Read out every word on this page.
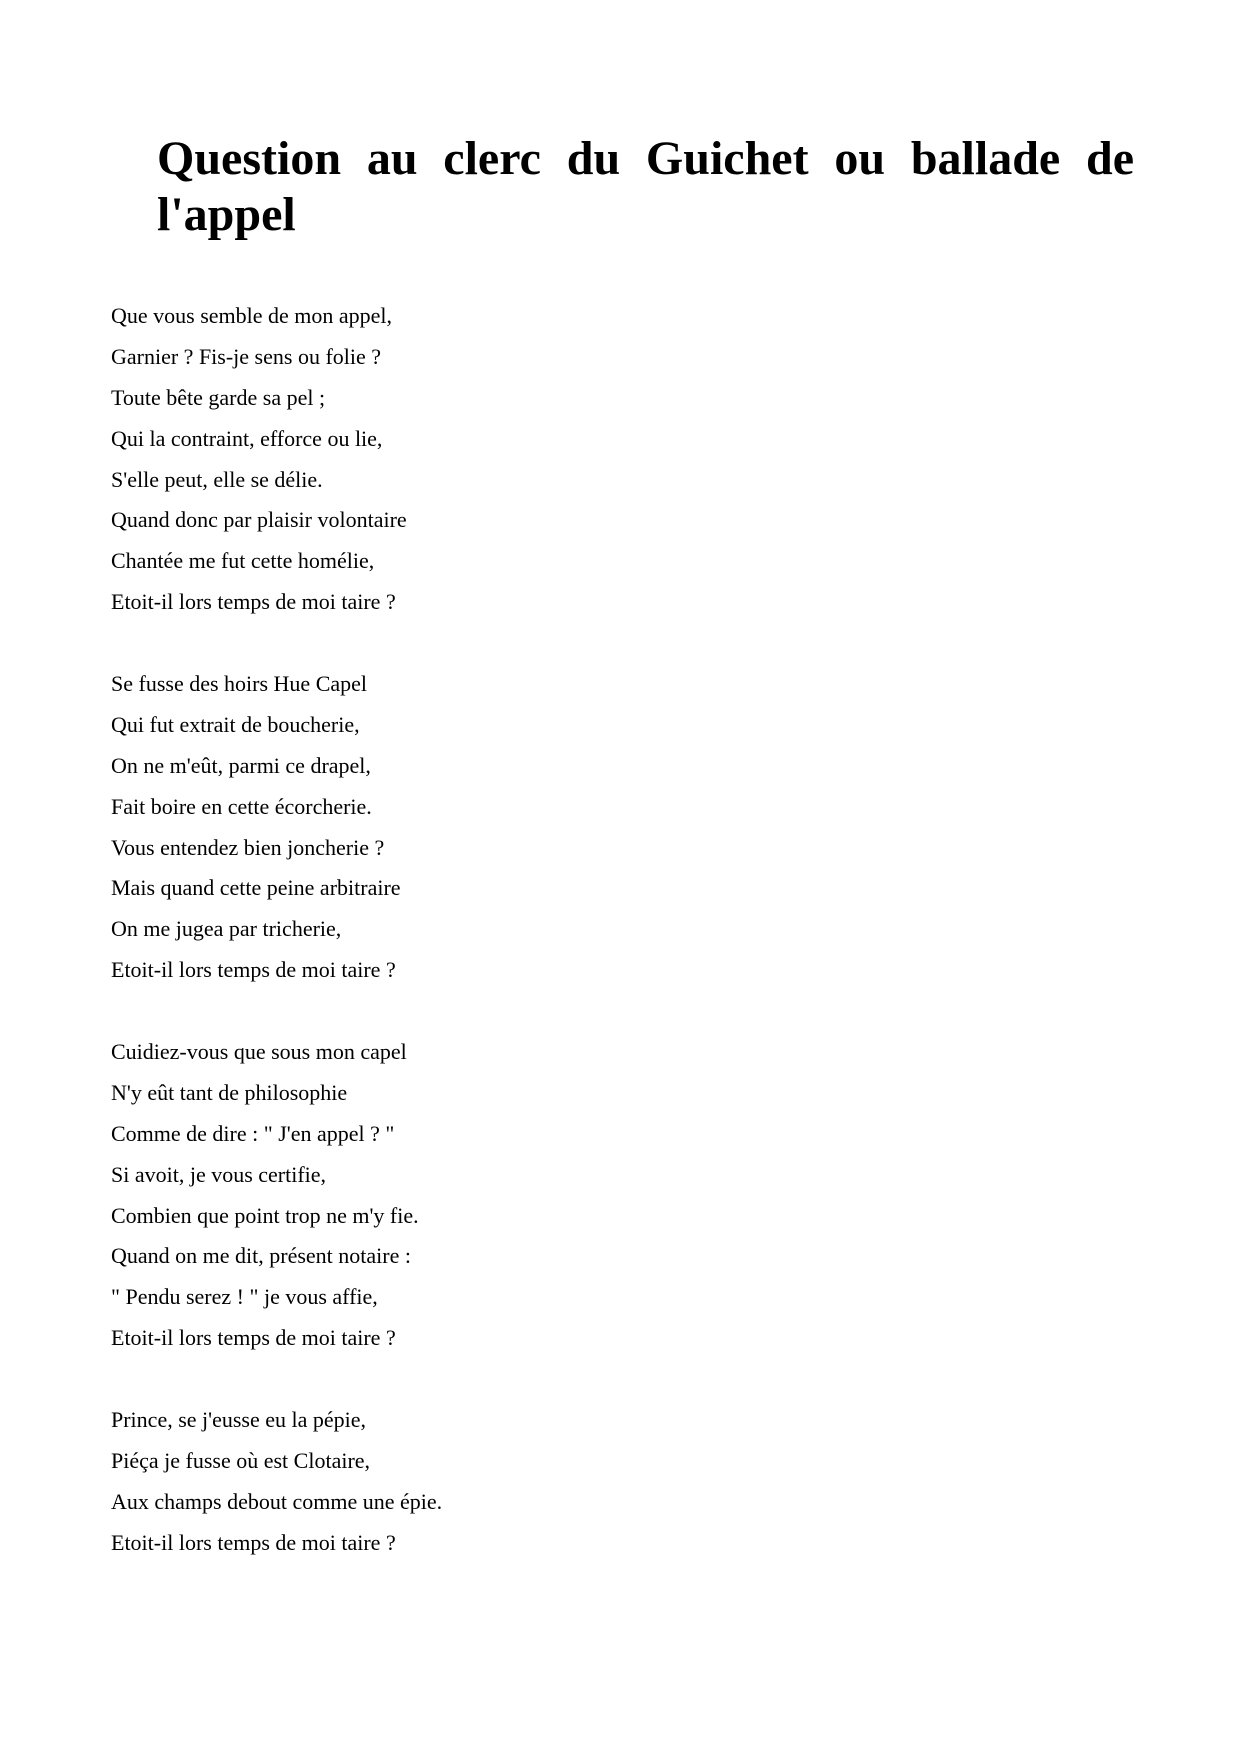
Question au clerc du Guichet ou ballade de l'appel
Que vous semble de mon appel,
Garnier ? Fis-je sens ou folie ?
Toute bête garde sa pel ;
Qui la contraint, efforce ou lie,
S'elle peut, elle se délie.
Quand donc par plaisir volontaire
Chantée me fut cette homélie,
Etoit-il lors temps de moi taire ?
Se fusse des hoirs Hue Capel
Qui fut extrait de boucherie,
On ne m'eût, parmi ce drapel,
Fait boire en cette écorcherie.
Vous entendez bien joncherie ?
Mais quand cette peine arbitraire
On me jugea par tricherie,
Etoit-il lors temps de moi taire ?
Cuidiez-vous que sous mon capel
N'y eût tant de philosophie
Comme de dire : " J'en appel ? "
Si avoit, je vous certifie,
Combien que point trop ne m'y fie.
Quand on me dit, présent notaire :
" Pendu serez ! " je vous affie,
Etoit-il lors temps de moi taire ?
Prince, se j'eusse eu la pépie,
Piéça je fusse où est Clotaire,
Aux champs debout comme une épie.
Etoit-il lors temps de moi taire ?
